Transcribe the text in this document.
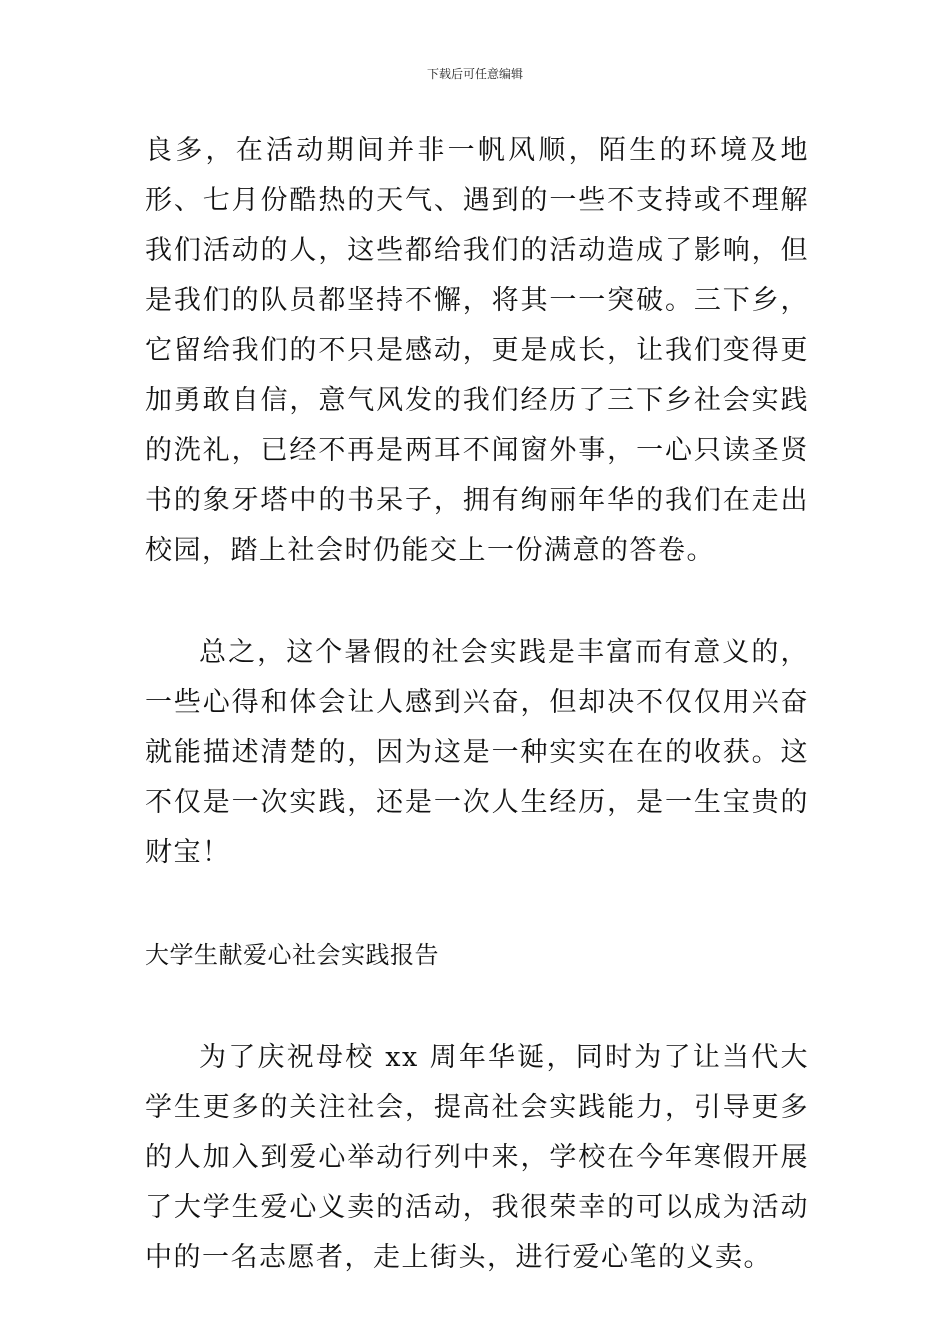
下载后可任意编辑

良多，在活动期间并非一帆风顺，陌生的环境及地形、七月份酷热的天气、遇到的一些不支持或不理解我们活动的人，这些都给我们的活动造成了影响，但是我们的队员都坚持不懈，将其一一突破。三下乡，它留给我们的不只是感动，更是成长，让我们变得更加勇敢自信，意气风发的我们经历了三下乡社会实践的洗礼，已经不再是两耳不闻窗外事，一心只读圣贤书的象牙塔中的书呆子，拥有绚丽年华的我们在走出校园，踏上社会时仍能交上一份满意的答卷。

总之，这个暑假的社会实践是丰富而有意义的，一些心得和体会让人感到兴奋，但却决不仅仅用兴奋就能描述清楚的，因为这是一种实实在在的收获。这不仅是一次实践，还是一次人生经历，是一生宝贵的财宝！

大学生献爱心社会实践报告

为了庆祝母校 xx 周年华诞，同时为了让当代大学生更多的关注社会，提高社会实践能力，引导更多的人加入到爱心举动行列中来，学校在今年寒假开展了大学生爱心义卖的活动，我很荣幸的可以成为活动中的一名志愿者，走上街头，进行爱心笔的义卖。
